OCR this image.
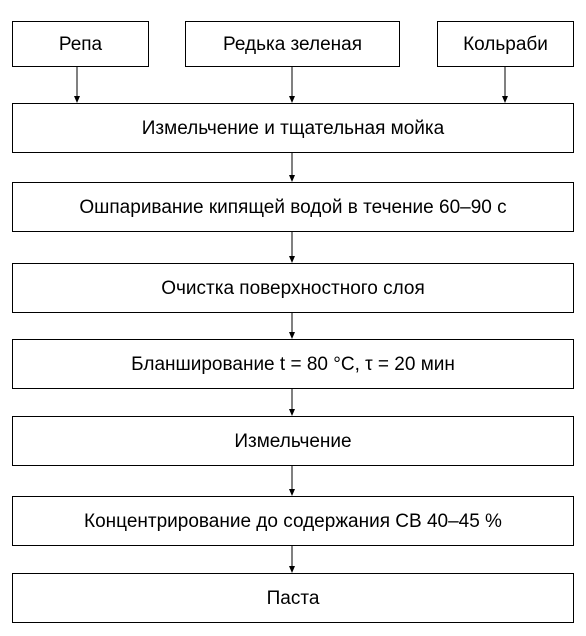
Репа	Редька зеленая	Кольраби
Измельчение и тщательная мойка
Ошпаривание кипящей водой в течение 60–90 с
Очистка поверхностного слоя
Бланширование t = 80 °C, τ = 20 мин
Измельчение
Концентрирование до содержания СВ 40–45 %
Паста
